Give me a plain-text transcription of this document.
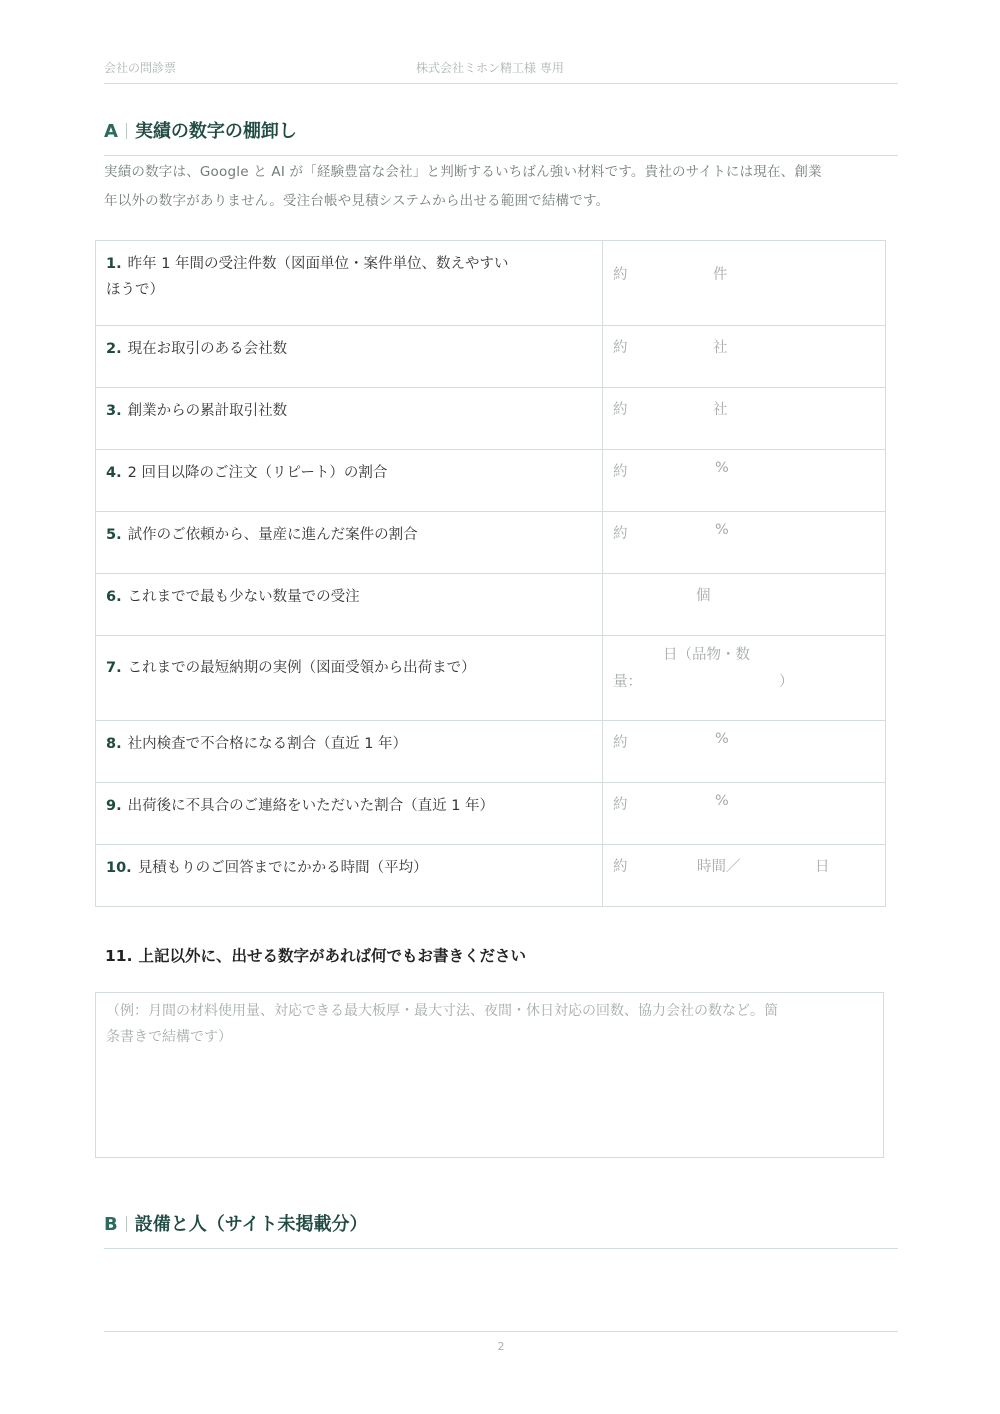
会社の問診票	株式会社ミホン精工様 専用
A 実績の数字の棚卸し
実績の数字は、Google と AI が「経験豊富な会社」と判断するいちばん強い材料です。貴社のサイトには現在、創業
年以外の数字がありません。受注台帳や見積システムから出せる範囲で結構です。
1. 昨年 1 年間の受注件数（図面単位・案件単位、数えやすい
ほうで）	約 件

2. 現在お取引のある会社数	約 社

3. 創業からの累計取引社数	約 社

4. 2 回目以降のご注文（リピート）の割合	約 %

5. 試作のご依頼から、量産に進んだ案件の割合	約 %

6. これまでで最も少ない数量での受注	個

7. これまでの最短納期の実例（図面受領から出荷まで）	日（品物・数
量： ）

8. 社内検査で不合格になる割合（直近 1 年）	約 %

9. 出荷後に不具合のご連絡をいただいた割合（直近 1 年）	約 %

10. 見積もりのご回答までにかかる時間（平均）	約 時間／ 日
11. 上記以外に、出せる数字があれば何でもお書きください
（例：月間の材料使用量、対応できる最大板厚・最大寸法、夜間・休日対応の回数、協力会社の数など。箇
条書きで結構です）
B 設備と人（サイト未掲載分）
2
